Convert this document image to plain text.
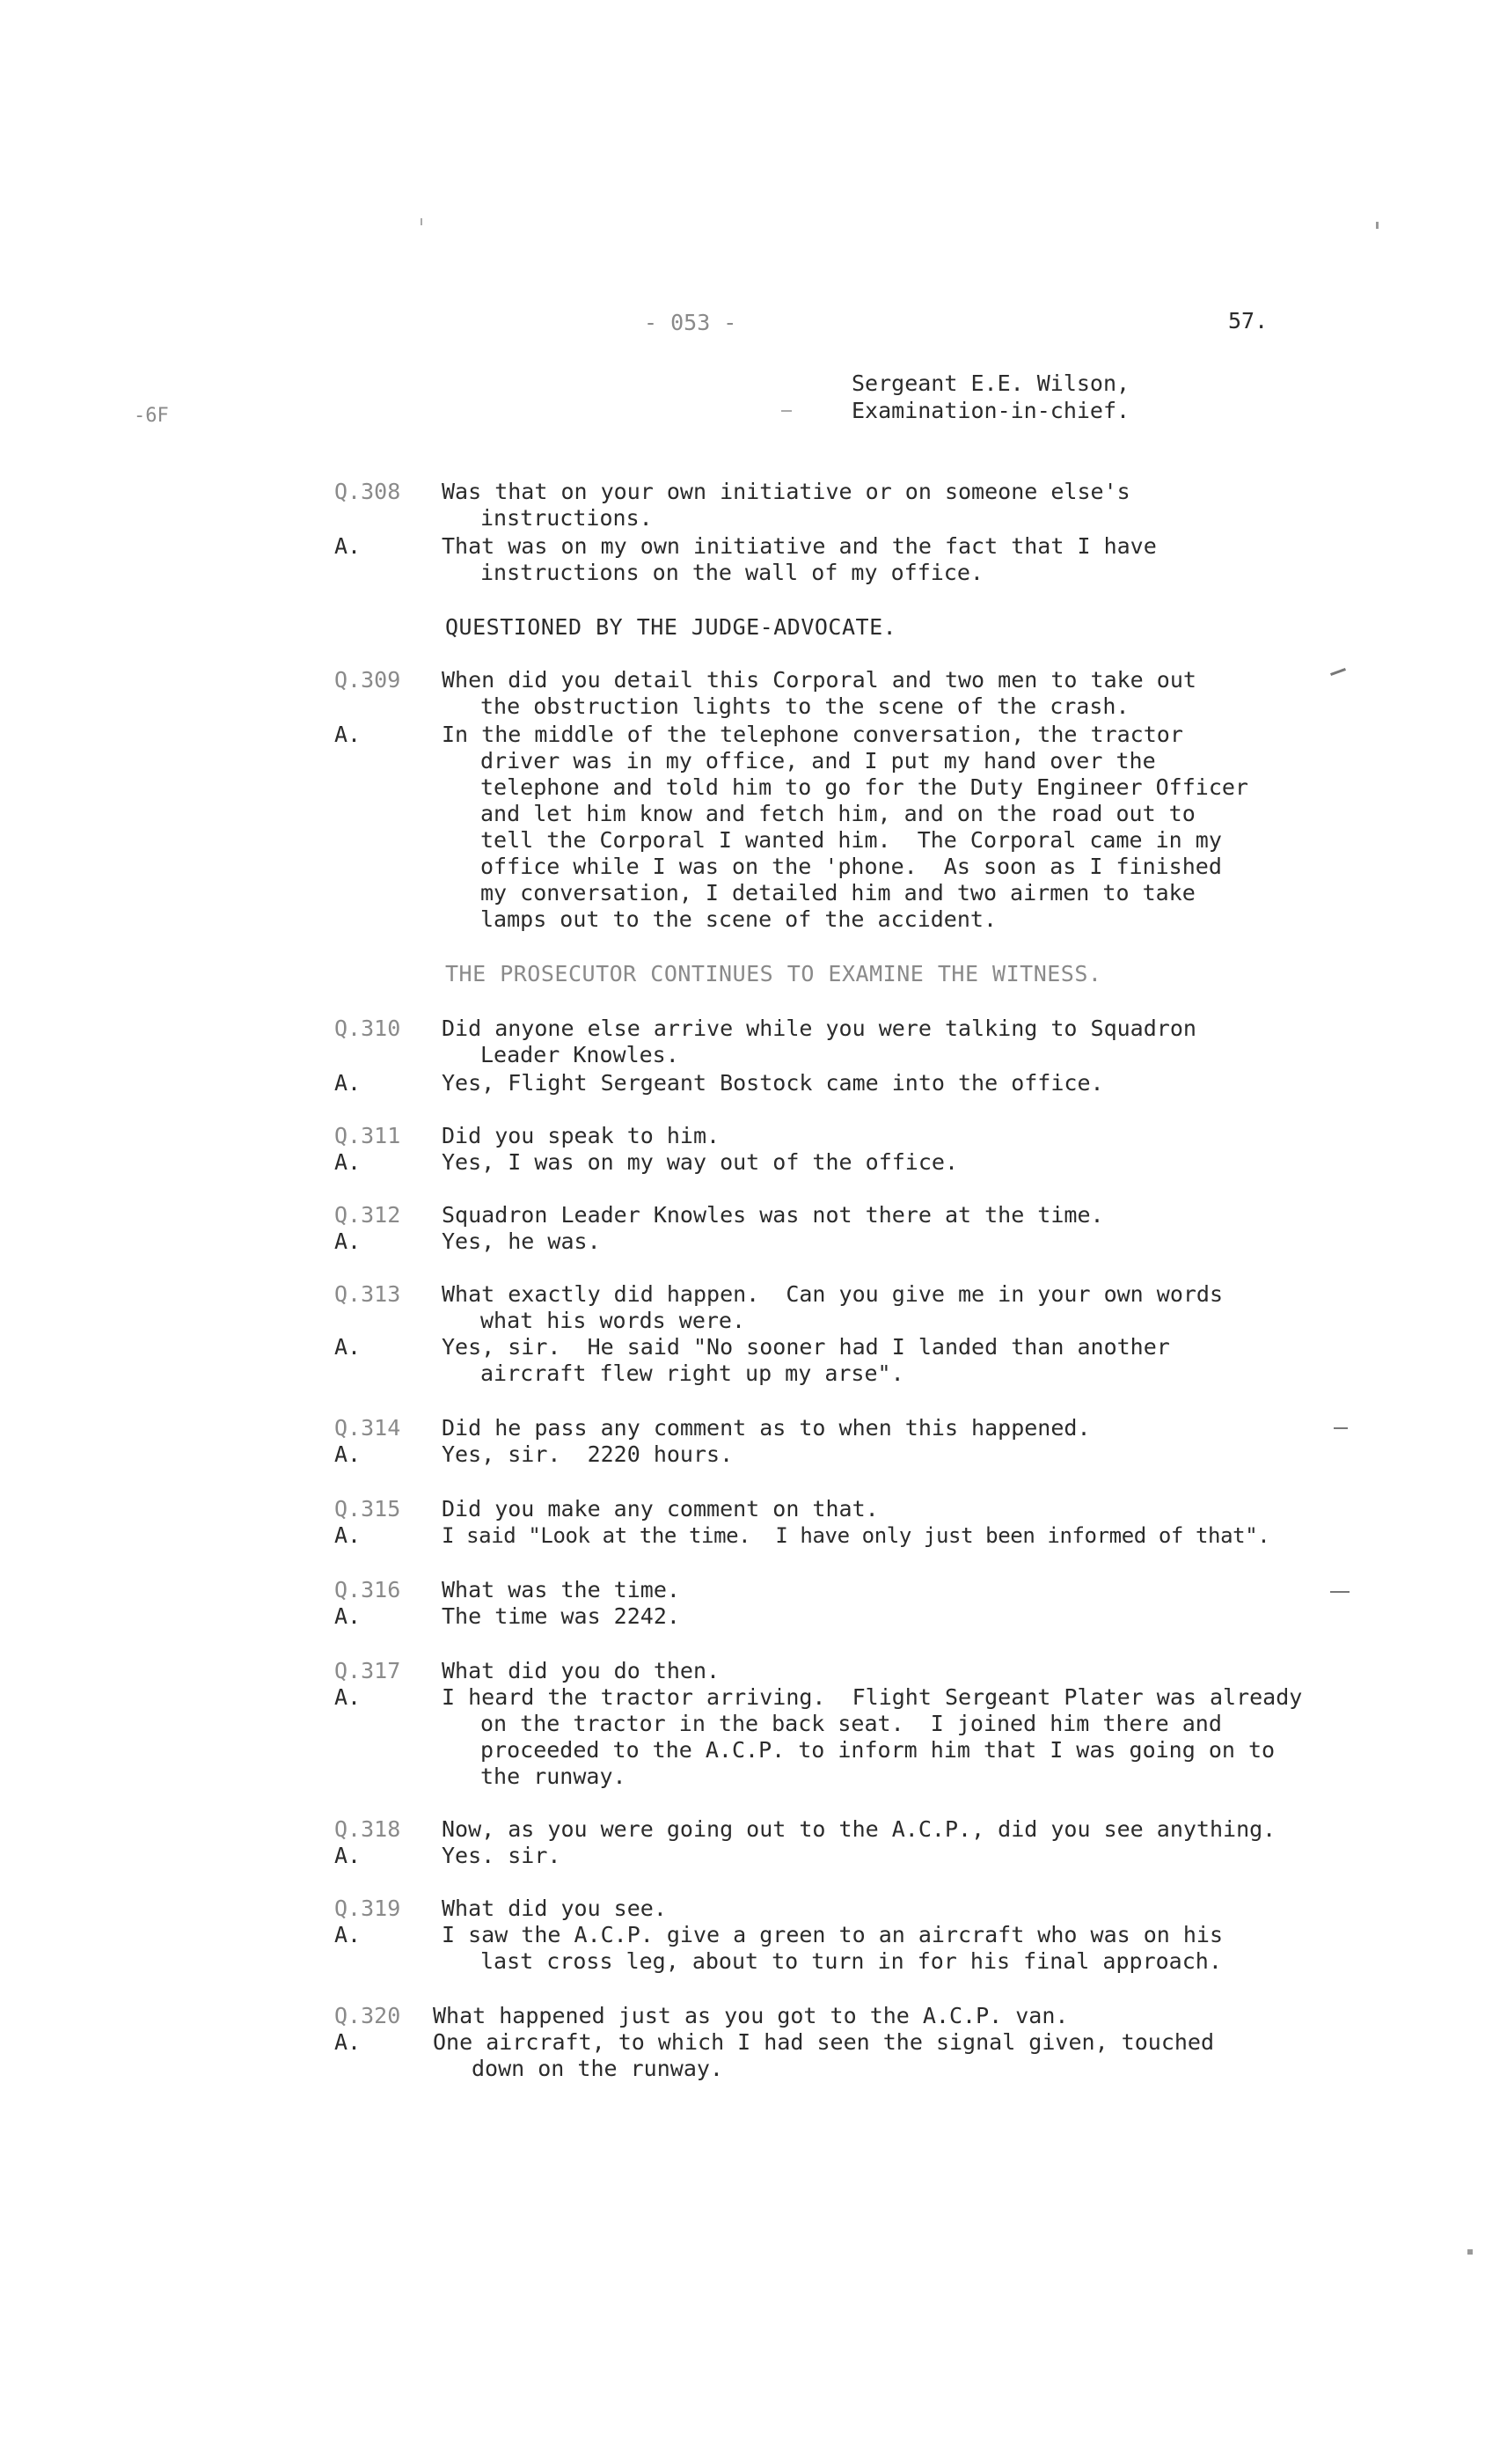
- 053 -	57.
-6F
Sergeant E.E. Wilson,
Examination-in-chief.
Q.308	Was that on your own initiative or on someone else's
instructions.
A.	That was on my own initiative and the fact that I have
instructions on the wall of my office.
QUESTIONED BY THE JUDGE-ADVOCATE.
Q.309	When did you detail this Corporal and two men to take out
the obstruction lights to the scene of the crash.
A.	In the middle of the telephone conversation, the tractor
driver was in my office, and I put my hand over the
telephone and told him to go for the Duty Engineer Officer
and let him know and fetch him, and on the road out to
tell the Corporal I wanted him.  The Corporal came in my
office while I was on the 'phone.  As soon as I finished
my conversation, I detailed him and two airmen to take
lamps out to the scene of the accident.
THE PROSECUTOR CONTINUES TO EXAMINE THE WITNESS.
Q.310	Did anyone else arrive while you were talking to Squadron
Leader Knowles.
A.	Yes, Flight Sergeant Bostock came into the office.
Q.311	Did you speak to him.
A.	Yes, I was on my way out of the office.
Q.312	Squadron Leader Knowles was not there at the time.
A.	Yes, he was.
Q.313	What exactly did happen.  Can you give me in your own words
what his words were.
A.	Yes, sir.  He said "No sooner had I landed than another
aircraft flew right up my arse".
Q.314	Did he pass any comment as to when this happened.
A.	Yes, sir.  2220 hours.
Q.315	Did you make any comment on that.
A.	I said "Look at the time.  I have only just been informed of that".
Q.316	What was the time.
A.	The time was 2242.
Q.317	What did you do then.
A.	I heard the tractor arriving.  Flight Sergeant Plater was already
on the tractor in the back seat.  I joined him there and
proceeded to the A.C.P. to inform him that I was going on to
the runway.
Q.318	Now, as you were going out to the A.C.P., did you see anything.
A.	Yes. sir.
Q.319	What did you see.
A.	I saw the A.C.P. give a green to an aircraft who was on his
last cross leg, about to turn in for his final approach.
Q.320	What happened just as you got to the A.C.P. van.
A.	One aircraft, to which I had seen the signal given, touched
down on the runway.
